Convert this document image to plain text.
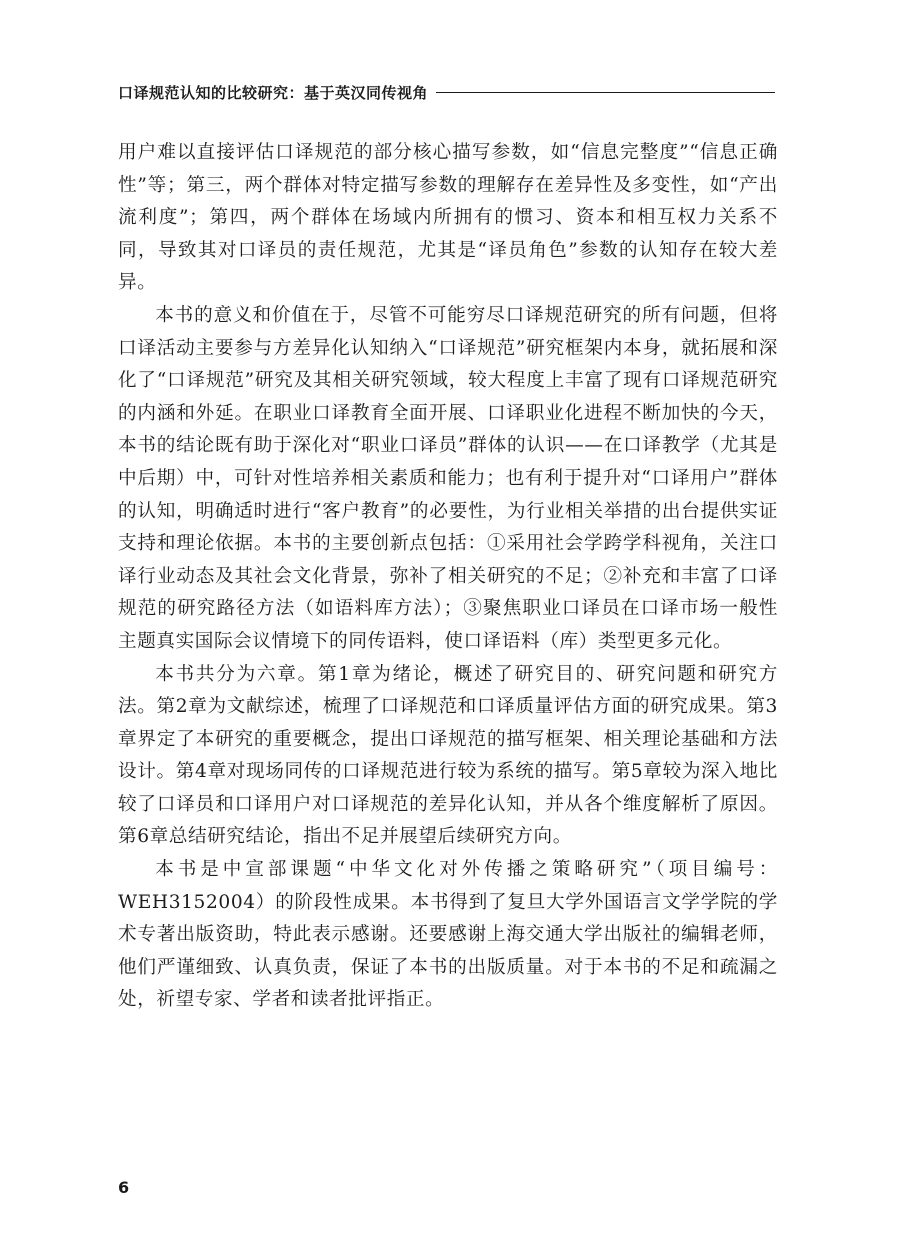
口译规范认知的比较研究：基于英汉同传视角

用户难以直接评估口译规范的部分核心描写参数，如“信息完整度”“信息正确性”等；第三，两个群体对特定描写参数的理解存在差异性及多变性，如“产出流利度”；第四，两个群体在场域内所拥有的惯习、资本和相互权力关系不同，导致其对口译员的责任规范，尤其是“译员角色”参数的认知存在较大差异。

本书的意义和价值在于，尽管不可能穷尽口译规范研究的所有问题，但将口译活动主要参与方差异化认知纳入“口译规范”研究框架内本身，就拓展和深化了“口译规范”研究及其相关研究领域，较大程度上丰富了现有口译规范研究的内涵和外延。在职业口译教育全面开展、口译职业化进程不断加快的今天，本书的结论既有助于深化对“职业口译员”群体的认识——在口译教学（尤其是中后期）中，可针对性培养相关素质和能力；也有利于提升对“口译用户”群体的认知，明确适时进行“客户教育”的必要性，为行业相关举措的出台提供实证支持和理论依据。本书的主要创新点包括：①采用社会学跨学科视角，关注口译行业动态及其社会文化背景，弥补了相关研究的不足；②补充和丰富了口译规范的研究路径方法（如语料库方法）；③聚焦职业口译员在口译市场一般性主题真实国际会议情境下的同传语料，使口译语料（库）类型更多元化。

本书共分为六章。第1章为绪论，概述了研究目的、研究问题和研究方法。第2章为文献综述，梳理了口译规范和口译质量评估方面的研究成果。第3章界定了本研究的重要概念，提出口译规范的描写框架、相关理论基础和方法设计。第4章对现场同传的口译规范进行较为系统的描写。第5章较为深入地比较了口译员和口译用户对口译规范的差异化认知，并从各个维度解析了原因。第6章总结研究结论，指出不足并展望后续研究方向。

本书是中宣部课题“中华文化对外传播之策略研究”（项目编号：WEH3152004）的阶段性成果。本书得到了复旦大学外国语言文学学院的学术专著出版资助，特此表示感谢。还要感谢上海交通大学出版社的编辑老师，他们严谨细致、认真负责，保证了本书的出版质量。对于本书的不足和疏漏之处，祈望专家、学者和读者批评指正。

6
